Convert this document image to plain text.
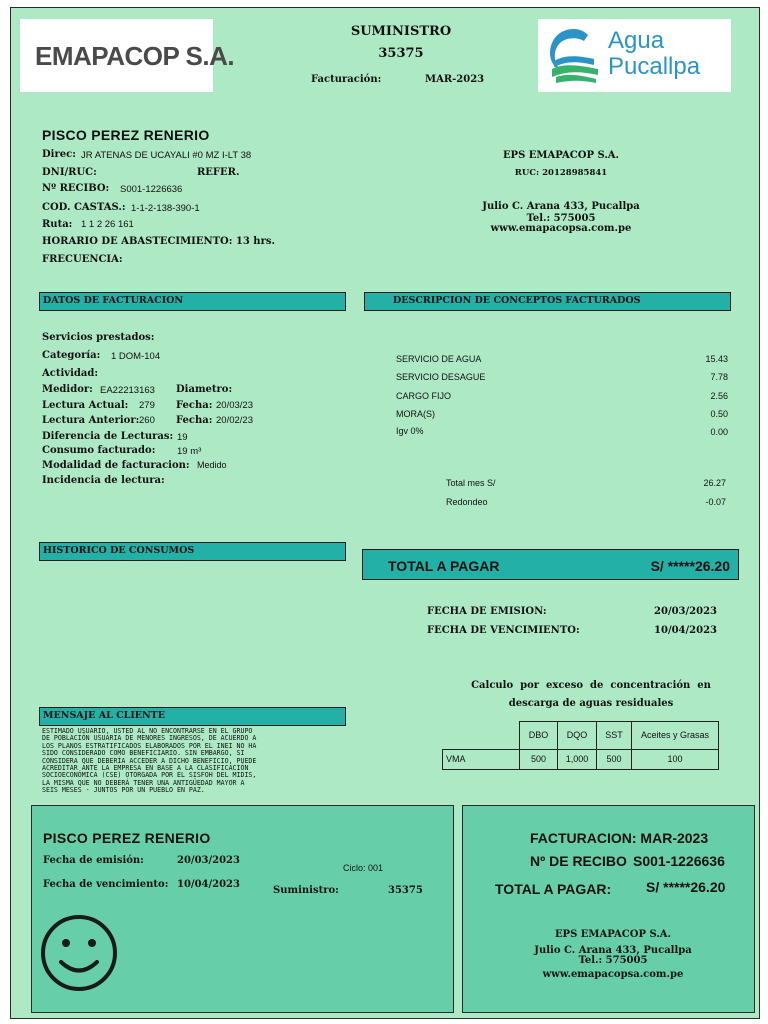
EMAPACOP S.A.
SUMINISTRO
35375
Facturación:	MAR-2023
Agua
Pucallpa
PISCO PEREZ RENERIO
Direc: JR ATENAS DE UCAYALI #0 MZ I-LT 38
DNI/RUC:	REFER.
Nº RECIBO: S001-1226636
COD. CASTAS.: 1-1-2-138-390-1
Ruta: 1 1 2 26 161
HORARIO DE ABASTECIMIENTO: 13 hrs.
FRECUENCIA:
EPS EMAPACOP S.A.
RUC: 20128985841
Julio C. Arana 433, Pucallpa
Tel.: 575005
www.emapacopsa.com.pe
DATOS DE FACTURACION	DESCRIPCION DE CONCEPTOS FACTURADOS
Servicios prestados:
Categoría: 1 DOM-104
Actividad:
Medidor: EA22213163 Diametro:
Lectura Actual: 279 Fecha: 20/03/23
Lectura Anterior: 260 Fecha: 20/02/23
Diferencia de Lecturas: 19
Consumo facturado: 19 m³
Modalidad de facturacion: Medido
Incidencia de lectura:
SERVICIO DE AGUA	15.43
SERVICIO DESAGUE	7.78
CARGO FIJO	2.56
MORA(S)	0.50
Igv 0%	0.00
Total mes S/	26.27
Redondeo	-0.07
HISTORICO DE CONSUMOS
TOTAL A PAGAR	S/ *****26.20
FECHA DE EMISION:	20/03/2023
FECHA DE VENCIMIENTO:	10/04/2023
Calculo  por  exceso  de  concentración  en
descarga de aguas residuales
MENSAJE AL CLIENTE
DBO	DQO	SST	Aceites y Grasas
VMA	500	1,000	500	100
ESTIMADO USUARIO, USTED AL NO ENCONTRARSE EN EL GRUPO
DE POBLACIÓN USUARIA DE MENORES INGRESOS, DE ACUERDO A
LOS PLANOS ESTRATIFICADOS ELABORADOS POR EL INEI NO HA
SIDO CONSIDERADO COMO BENEFICIARIO. SIN EMBARGO, SI
CONSIDERA QUE DEBERÍA ACCEDER A DICHO BENEFICIO, PUEDE
ACREDITAR ANTE LA EMPRESA EN BASE A LA CLASIFICACIÓN
SOCIOECONÓMICA (CSE) OTORGADA POR EL SISFOH DEL MIDIS,
LA MISMA QUE NO DEBERÁ TENER UNA ANTIGÜEDAD MAYOR A
SEIS MESES - JUNTOS POR UN PUEBLO EN PAZ.
PISCO PEREZ RENERIO
Fecha de emisión:	20/03/2023
Ciclo: 001
Fecha de vencimiento: 10/04/2023
Suministro:	35375
FACTURACION: MAR-2023
Nº DE RECIBO S001-1226636
TOTAL A PAGAR: S/ *****26.20
EPS EMAPACOP S.A.
Julio C. Arana 433, Pucallpa
Tel.: 575005
www.emapacopsa.com.pe
